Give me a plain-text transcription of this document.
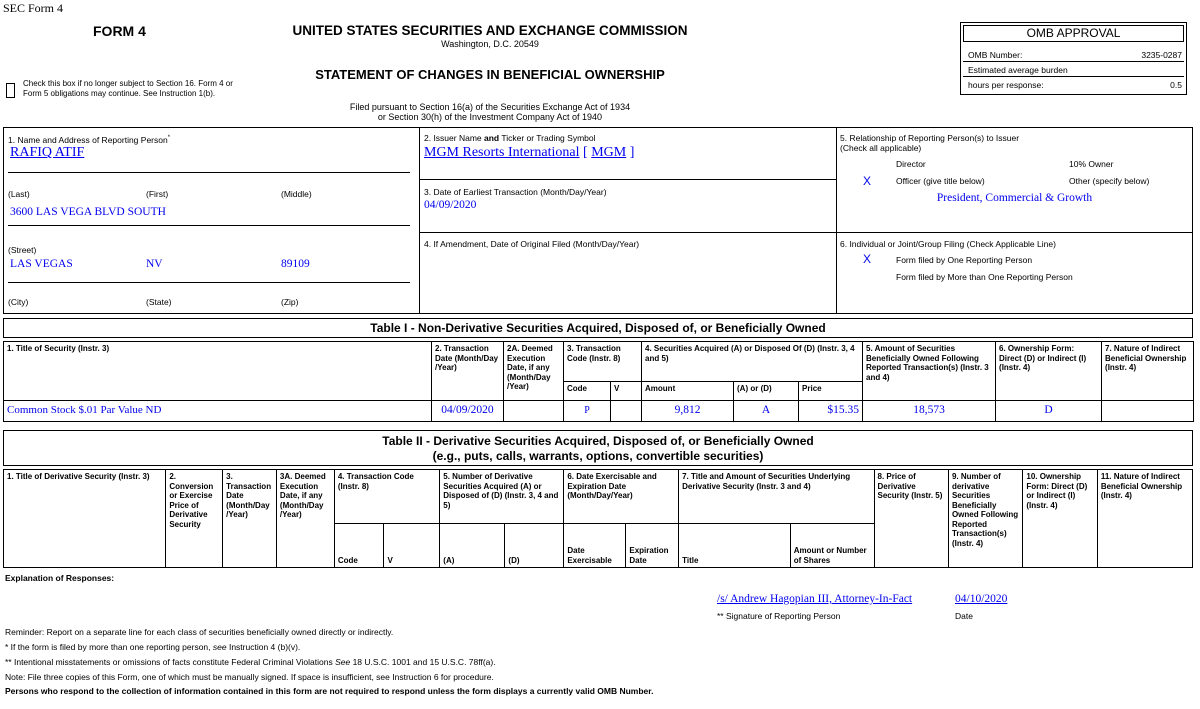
SEC Form 4
FORM 4
Check this box if no longer subject to Section 16. Form 4 or Form 5 obligations may continue. See Instruction 1(b).
UNITED STATES SECURITIES AND EXCHANGE COMMISSION
Washington, D.C. 20549
STATEMENT OF CHANGES IN BENEFICIAL OWNERSHIP
Filed pursuant to Section 16(a) of the Securities Exchange Act of 1934
or Section 30(h) of the Investment Company Act of 1940
OMB APPROVAL
OMB Number:	3235-0287
Estimated average burden
hours per response:	0.5
1. Name and Address of Reporting Person*
RAFIQ ATIF
(Last)	(First)	(Middle)
3600 LAS VEGA BLVD SOUTH
(Street)
LAS VEGAS	NV	89109
(City)	(State)	(Zip)
2. Issuer Name and Ticker or Trading Symbol
MGM Resorts International [ MGM ]
3. Date of Earliest Transaction (Month/Day/Year)
04/09/2020
4. If Amendment, Date of Original Filed (Month/Day/Year)
5. Relationship of Reporting Person(s) to Issuer
(Check all applicable)
Director	10% Owner
X	Officer (give title below)	Other (specify below)
President, Commercial & Growth
6. Individual or Joint/Group Filing (Check Applicable Line)
X	Form filed by One Reporting Person
Form filed by More than One Reporting Person
Table I - Non-Derivative Securities Acquired, Disposed of, or Beneficially Owned
1. Title of Security (Instr. 3)	2. Transaction Date (Month/Day /Year)	2A. Deemed Execution Date, if any (Month/Day /Year)	3. Transaction Code (Instr. 8)		4. Securities Acquired (A) or Disposed Of (D) (Instr. 3, 4 and 5)			5. Amount of Securities Beneficially Owned Following Reported Transaction(s) (Instr. 3 and 4)	6. Ownership Form: Direct (D) or Indirect (I) (Instr. 4)	7. Nature of Indirect Beneficial Ownership (Instr. 4)
			Code	V	Amount	(A) or (D)	Price			
Common Stock $.01 Par Value ND	04/09/2020		P		9,812	A	$15.35	18,573	D	
Table II - Derivative Securities Acquired, Disposed of, or Beneficially Owned
(e.g., puts, calls, warrants, options, convertible securities)
1. Title of Derivative Security (Instr. 3)	2. Conversion or Exercise Price of Derivative Security	3. Transaction Date (Month/Day /Year)	3A. Deemed Execution Date, if any (Month/Day /Year)	4. Transaction Code (Instr. 8)		5. Number of Derivative Securities Acquired (A) or Disposed of (D) (Instr. 3, 4 and 5)		6. Date Exercisable and Expiration Date (Month/Day/Year)		7. Title and Amount of Securities Underlying Derivative Security (Instr. 3 and 4)		8. Price of Derivative Security (Instr. 5)	9. Number of derivative Securities Beneficially Owned Following Reported Transaction(s) (Instr. 4)	10. Ownership Form: Direct (D) or Indirect (I) (Instr. 4)	11. Nature of Indirect Beneficial Ownership (Instr. 4)
				Code	V	(A)	(D)	Date Exercisable	Expiration Date	Title	Amount or Number of Shares				
Explanation of Responses:
/s/ Andrew Hagopian III, Attorney-In-Fact	04/10/2020
** Signature of Reporting Person	Date
Reminder: Report on a separate line for each class of securities beneficially owned directly or indirectly.
* If the form is filed by more than one reporting person, see Instruction 4 (b)(v).
** Intentional misstatements or omissions of facts constitute Federal Criminal Violations See 18 U.S.C. 1001 and 15 U.S.C. 78ff(a).
Note: File three copies of this Form, one of which must be manually signed. If space is insufficient, see Instruction 6 for procedure.
Persons who respond to the collection of information contained in this form are not required to respond unless the form displays a currently valid OMB Number.
